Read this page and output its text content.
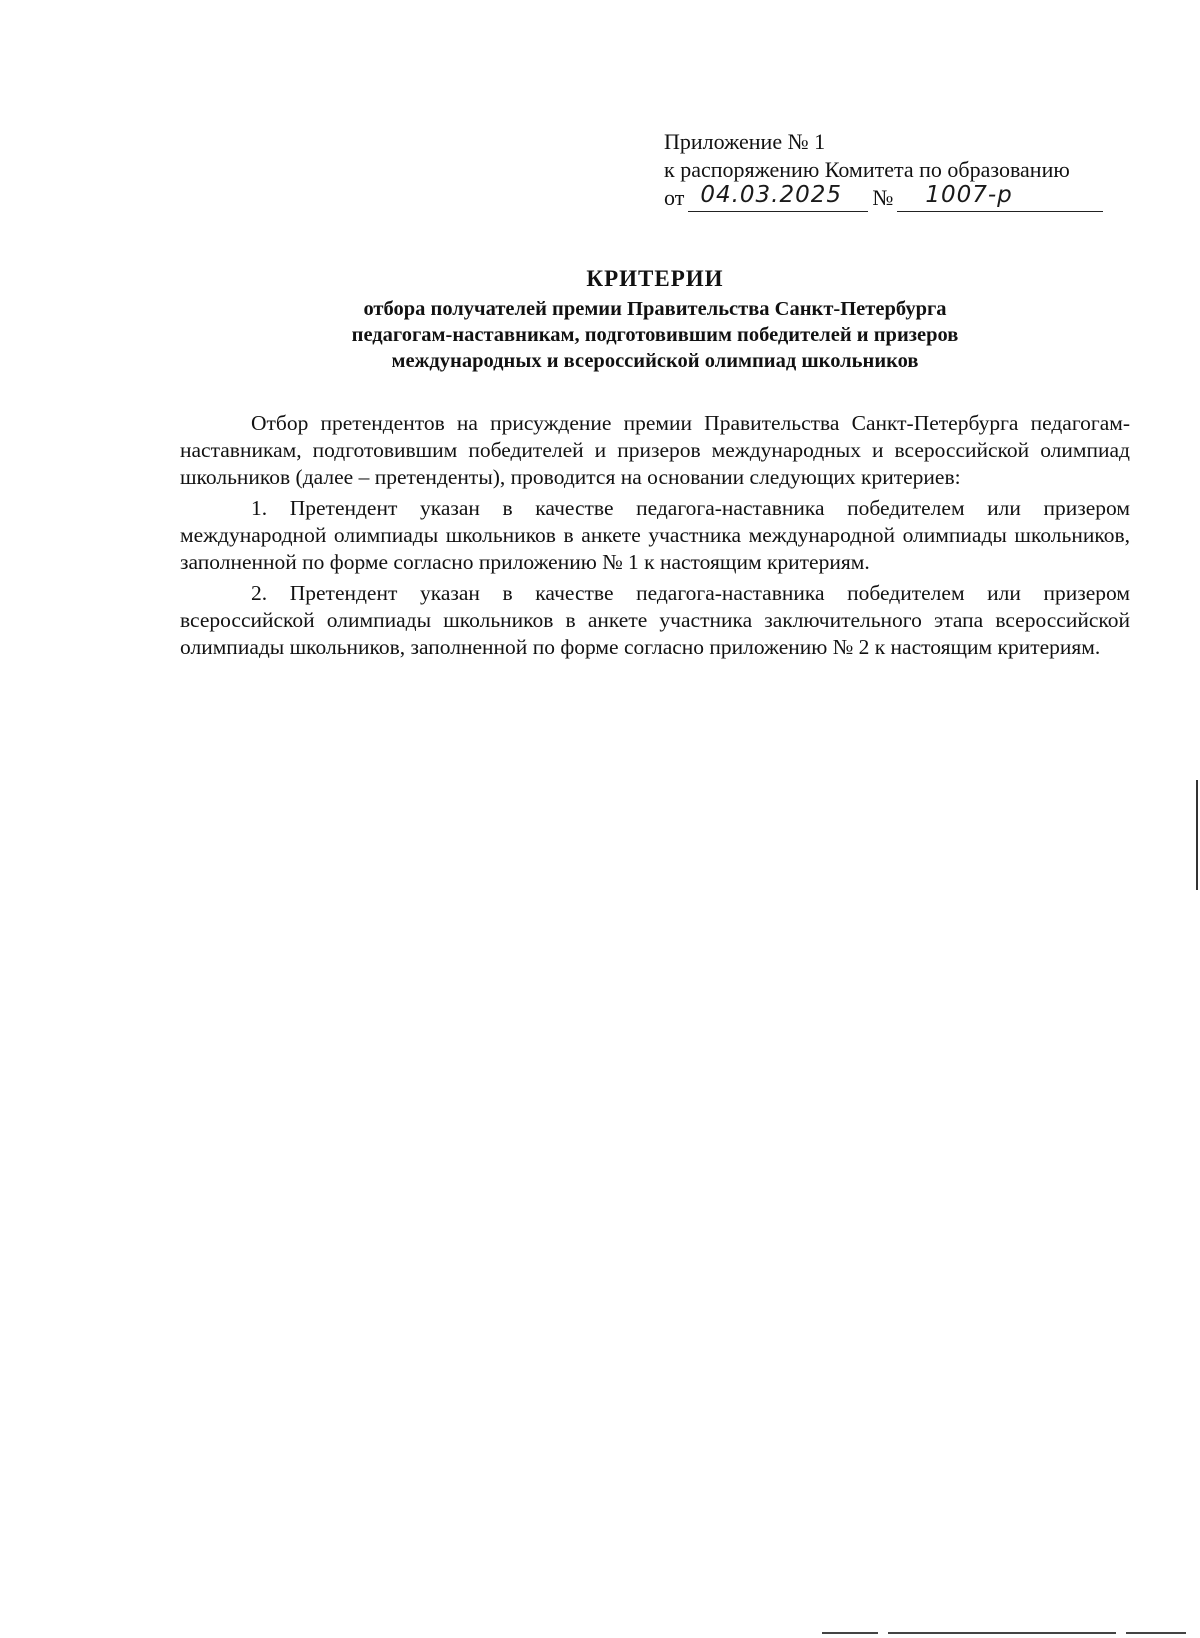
Приложение № 1
к распоряжению Комитета по образованию
от 04.03.2025 № 1007-р
КРИТЕРИИ
отбора получателей премии Правительства Санкт-Петербурга
педагогам-наставникам, подготовившим победителей и призеров
международных и всероссийской олимпиад школьников

Отбор претендентов на присуждение премии Правительства Санкт-Петербурга педагогам-наставникам, подготовившим победителей и призеров международных и всероссийской олимпиад школьников (далее – претенденты), проводится на основании следующих критериев:

1. Претендент указан в качестве педагога-наставника победителем или призером международной олимпиады школьников в анкете участника международной олимпиады школьников, заполненной по форме согласно приложению № 1 к настоящим критериям.

2. Претендент указан в качестве педагога-наставника победителем или призером всероссийской олимпиады школьников в анкете участника заключительного этапа всероссийской олимпиады школьников, заполненной по форме согласно приложению № 2 к настоящим критериям.
